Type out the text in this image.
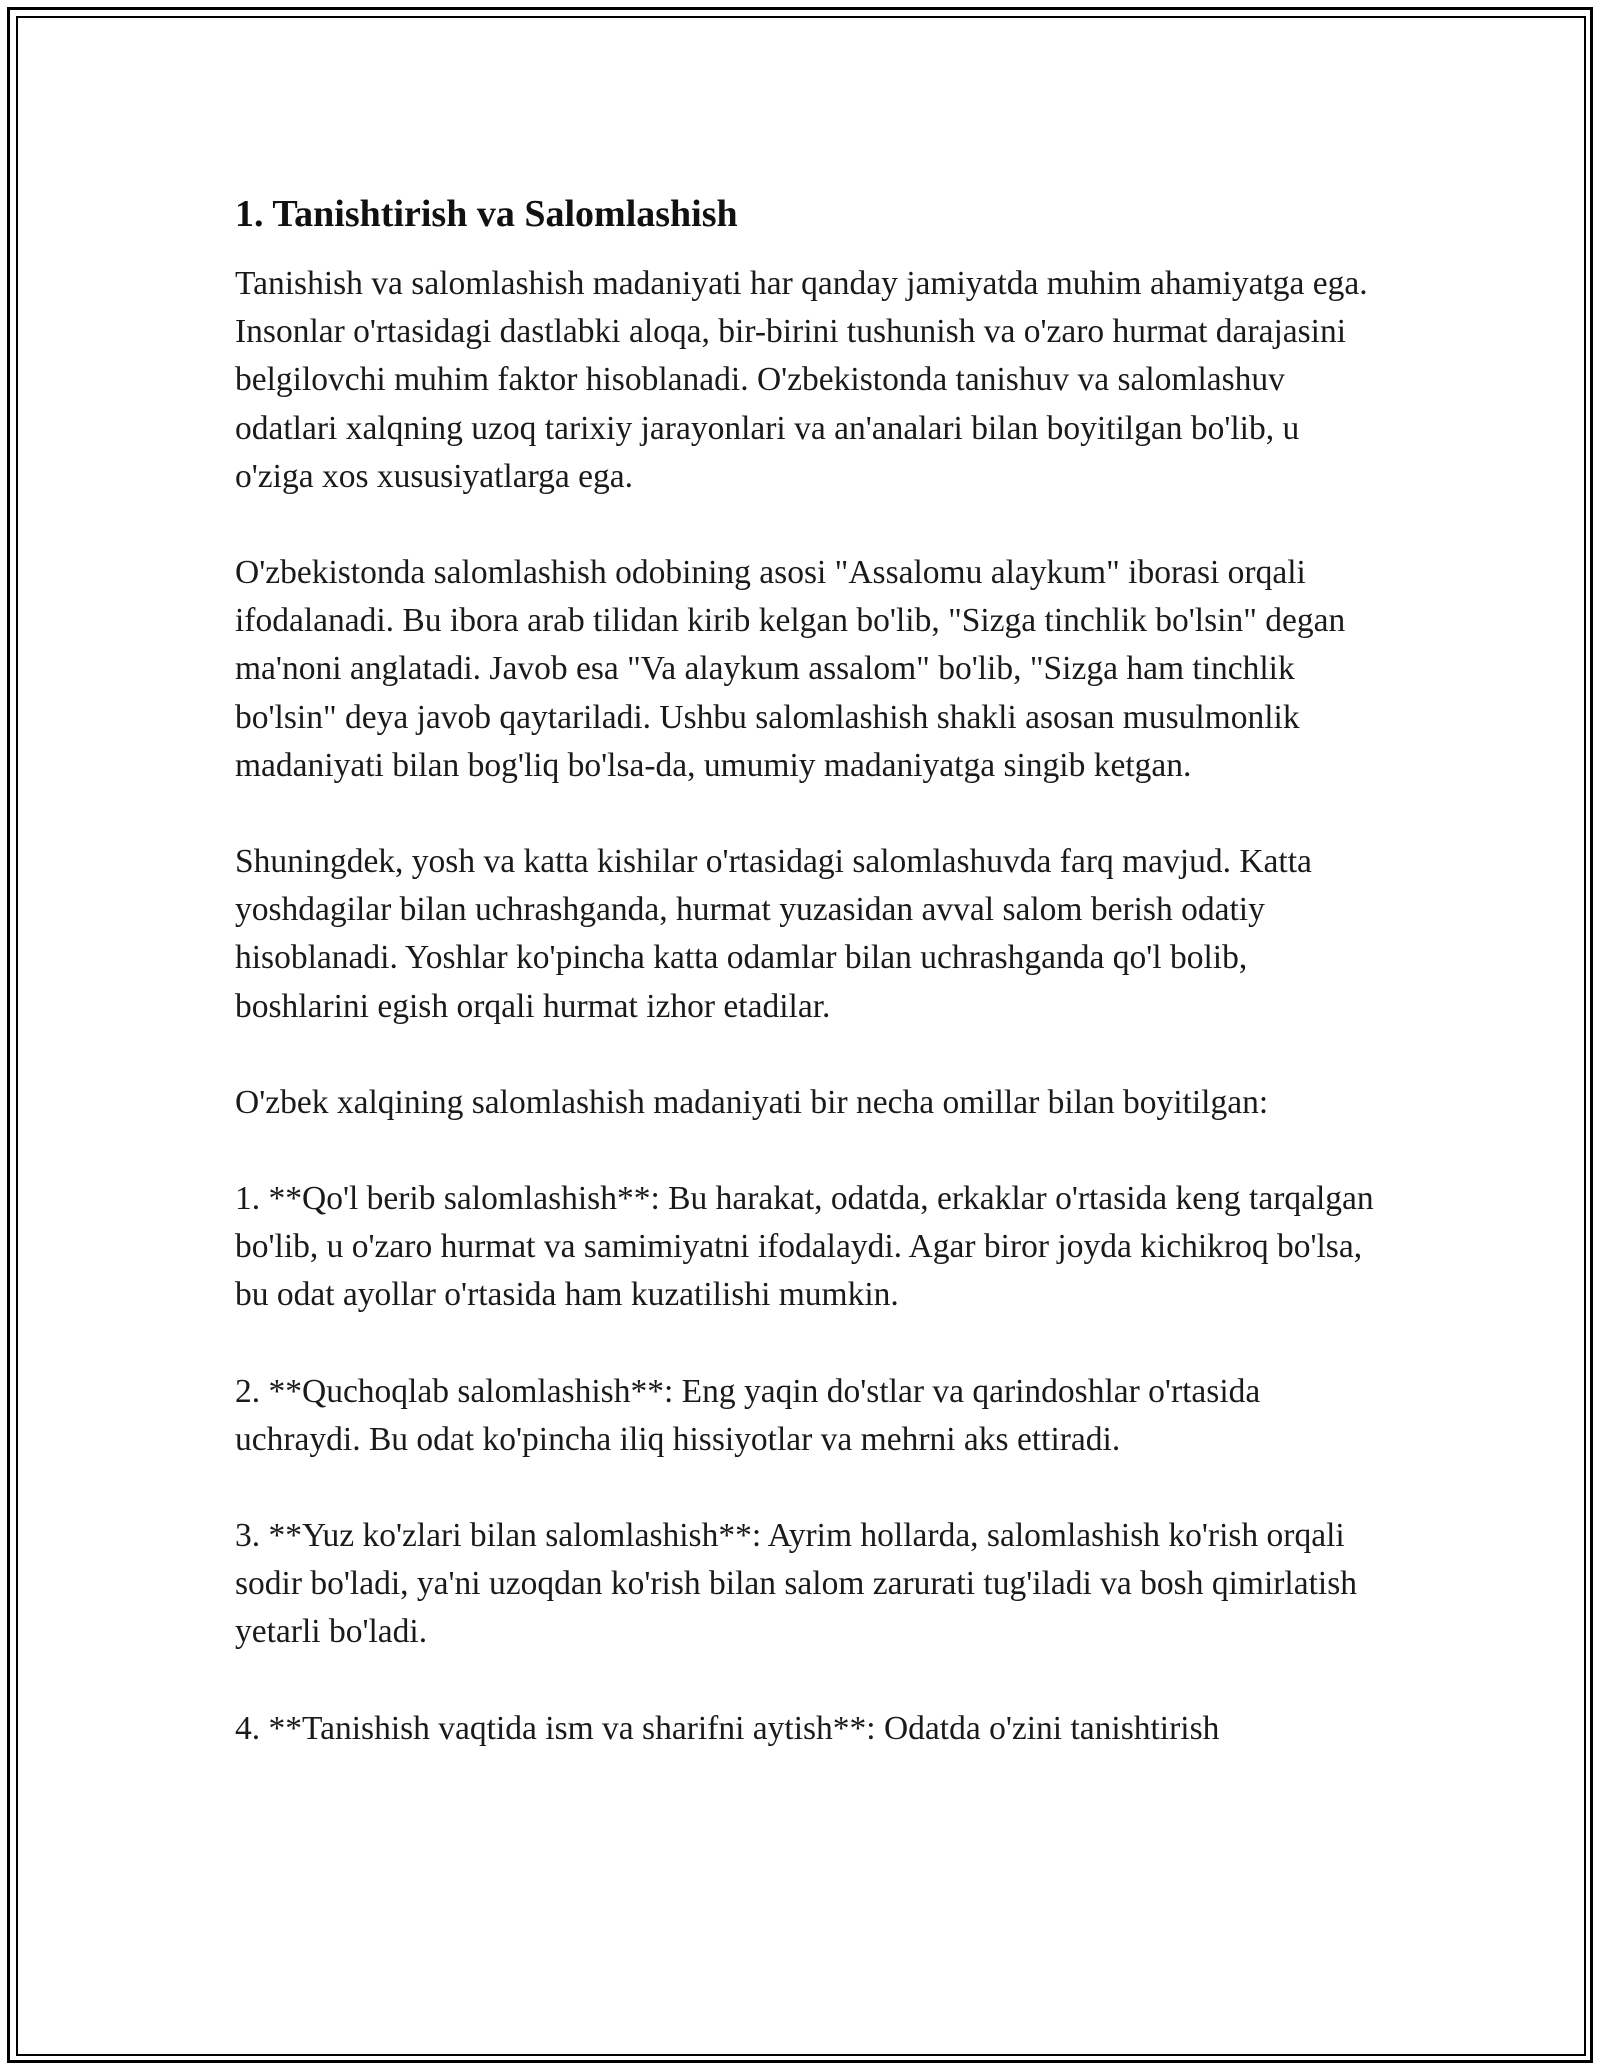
1. Tanishtirish va Salomlashish

Tanishish va salomlashish madaniyati har qanday jamiyatda muhim ahamiyatga ega. Insonlar o'rtasidagi dastlabki aloqa, bir-birini tushunish va o'zaro hurmat darajasini belgilovchi muhim faktor hisoblanadi. O'zbekistonda tanishuv va salomlashuv odatlari xalqning uzoq tarixiy jarayonlari va an'analari bilan boyitilgan bo'lib, u o'ziga xos xususiyatlarga ega.

O'zbekistonda salomlashish odobining asosi "Assalomu alaykum" iborasi orqali ifodalanadi. Bu ibora arab tilidan kirib kelgan bo'lib, "Sizga tinchlik bo'lsin" degan ma'noni anglatadi. Javob esa "Va alaykum assalom" bo'lib, "Sizga ham tinchlik bo'lsin" deya javob qaytariladi. Ushbu salomlashish shakli asosan musulmonlik madaniyati bilan bog'liq bo'lsa-da, umumiy madaniyatga singib ketgan.

Shuningdek, yosh va katta kishilar o'rtasidagi salomlashuvda farq mavjud. Katta yoshdagilar bilan uchrashganda, hurmat yuzasidan avval salom berish odatiy hisoblanadi. Yoshlar ko'pincha katta odamlar bilan uchrashganda qo'l bolib, boshlarini egish orqali hurmat izhor etadilar.

O'zbek xalqining salomlashish madaniyati bir necha omillar bilan boyitilgan:

1. **Qo'l berib salomlashish**: Bu harakat, odatda, erkaklar o'rtasida keng tarqalgan bo'lib, u o'zaro hurmat va samimiyatni ifodalaydi. Agar biror joyda kichikroq bo'lsa, bu odat ayollar o'rtasida ham kuzatilishi mumkin.

2. **Quchoqlab salomlashish**: Eng yaqin do'stlar va qarindoshlar o'rtasida uchraydi. Bu odat ko'pincha iliq hissiyotlar va mehrni aks ettiradi.

3. **Yuz ko'zlari bilan salomlashish**: Ayrim hollarda, salomlashish ko'rish orqali sodir bo'ladi, ya'ni uzoqdan ko'rish bilan salom zarurati tug'iladi va bosh qimirlatish yetarli bo'ladi.

4. **Tanishish vaqtida ism va sharifni aytish**: Odatda o'zini tanishtirish
